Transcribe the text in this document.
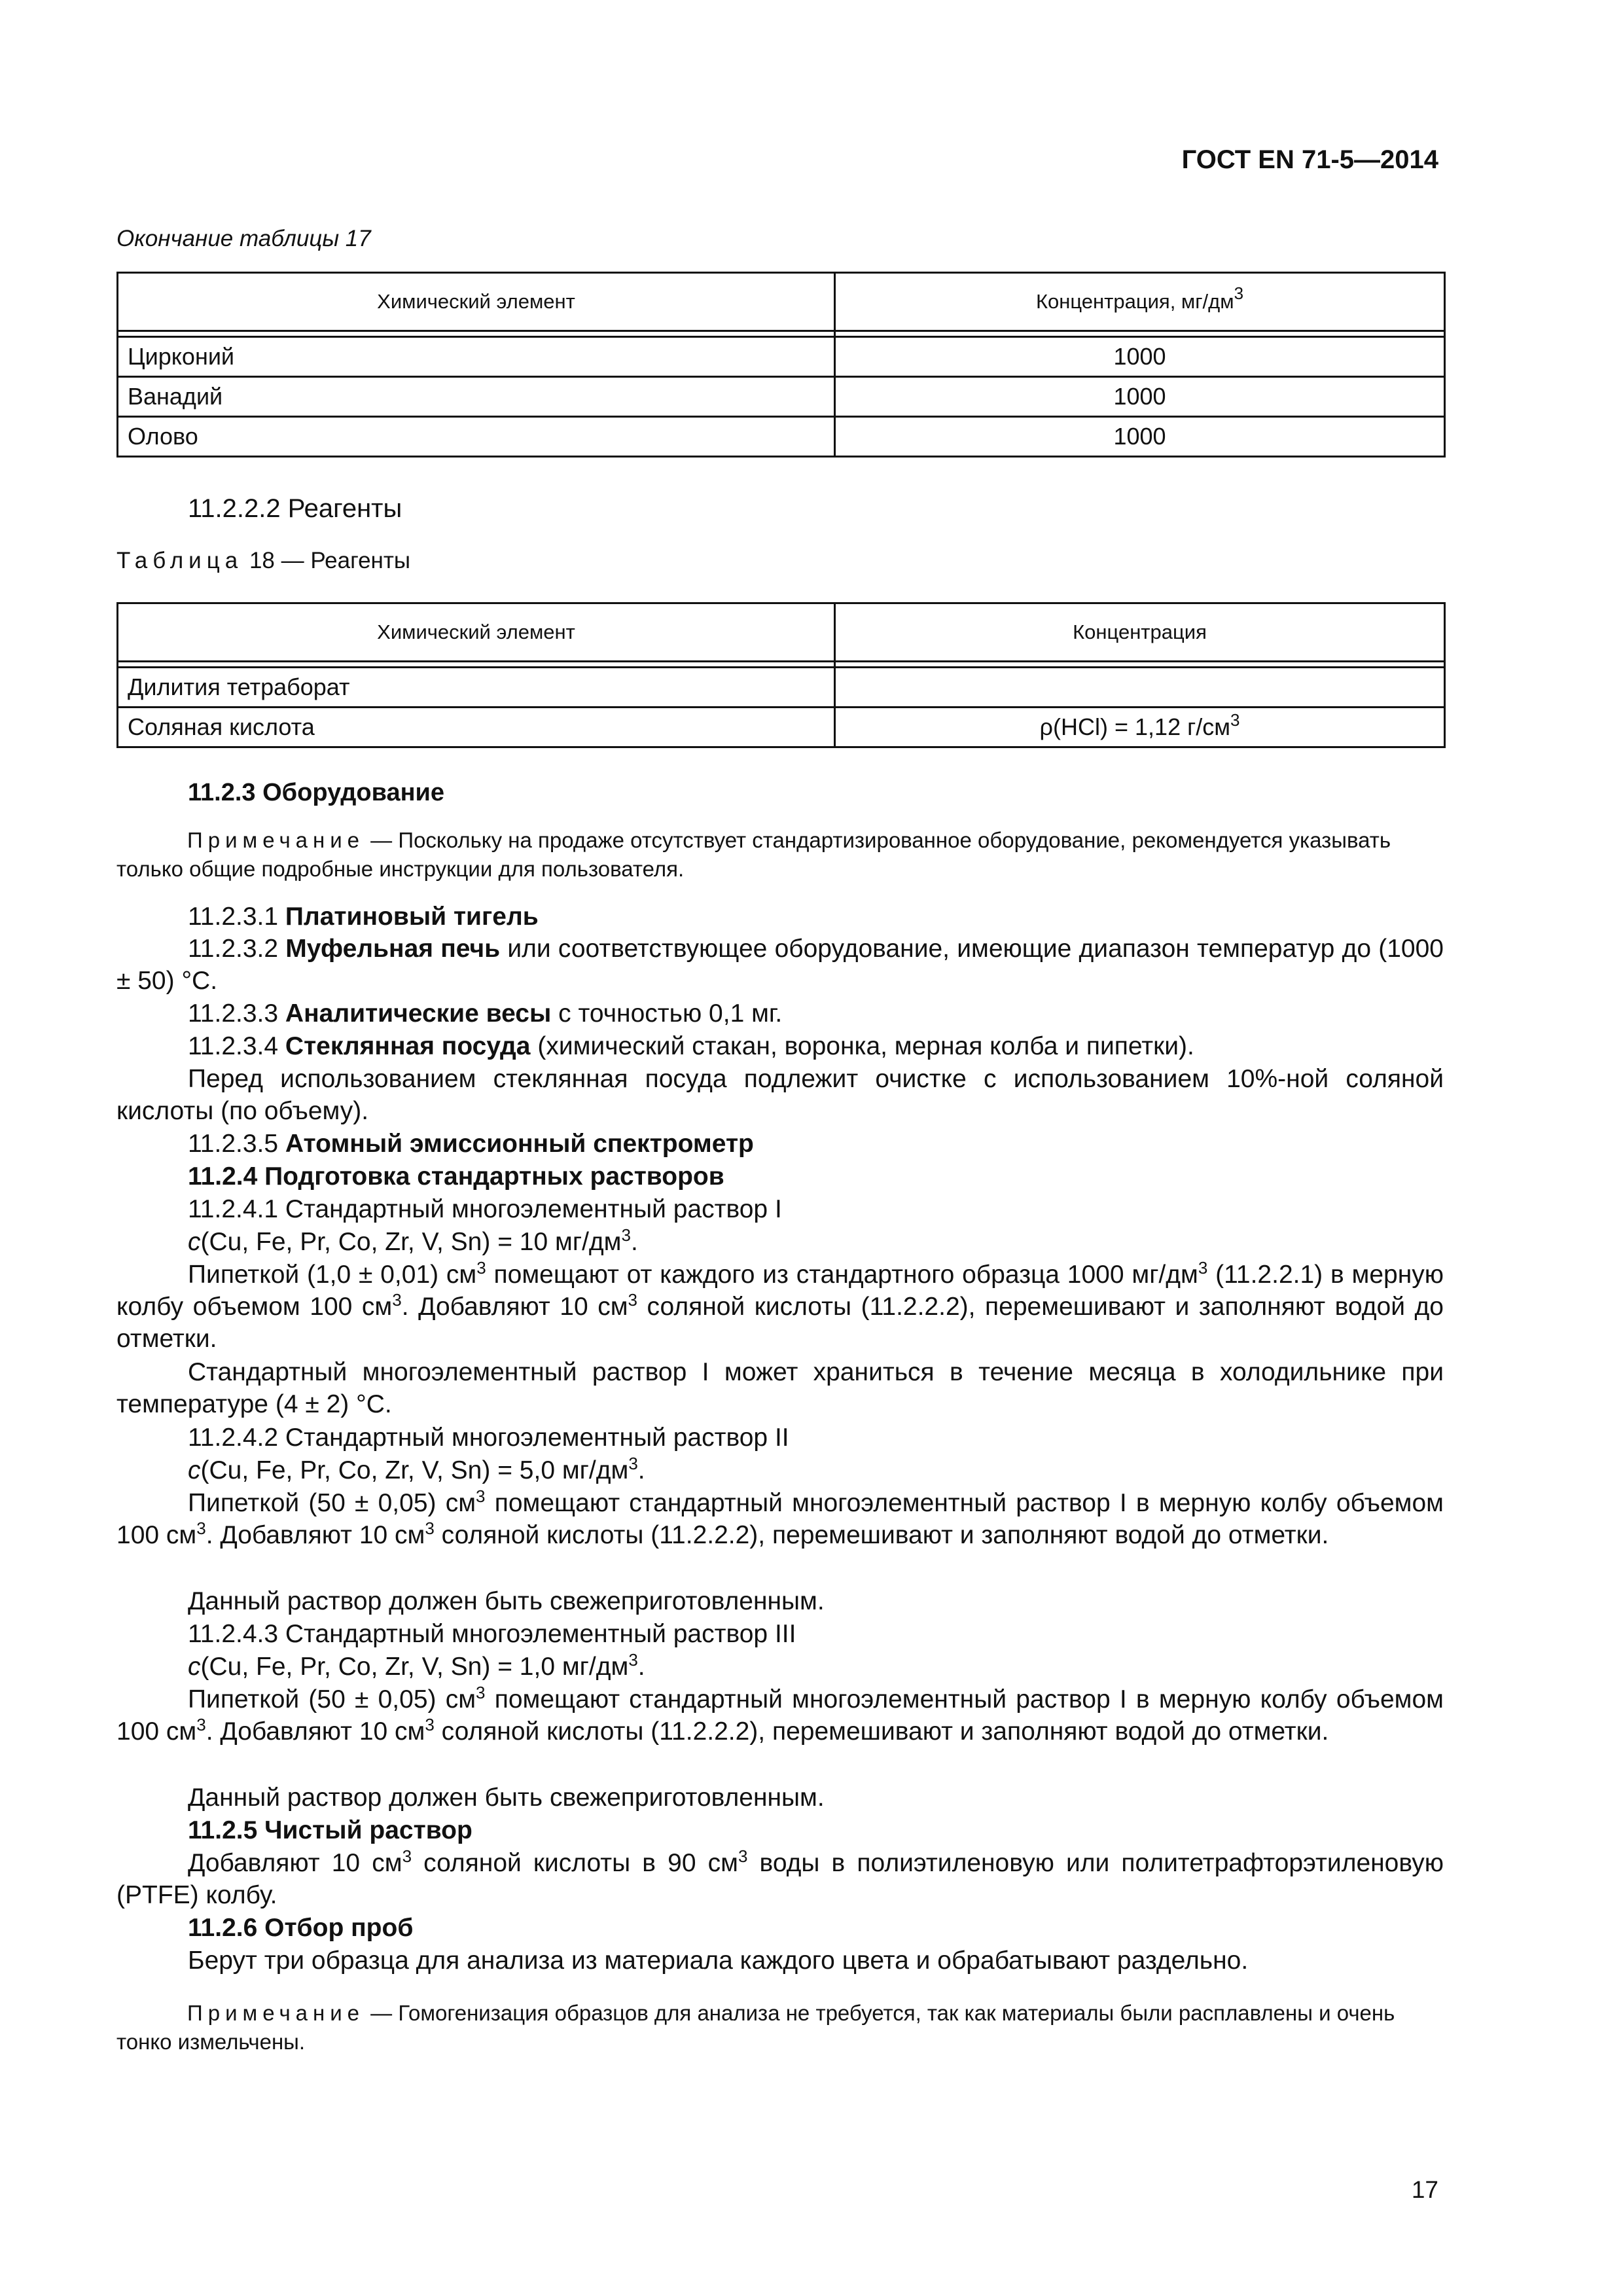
ГОСТ EN 71-5—2014
Окончание таблицы 17
Химический элемент	Концентрация, $мг/дм^3$

Цирконий	1000
Ванадий	1000
Олово	1000
11.2.2.2 Реагенты
Таблица 18 — Реагенты
Химический элемент	Концентрация

Дилития тетраборат	
Соляная кислота	ρ(HCl) = 1,12 $г/см^3$
11.2.3 Оборудование
Примечание — Поскольку на продаже отсутствует стандартизированное оборудование, рекомендуется указывать только общие подробные инструкции для пользователя.
11.2.3.1 Платиновый тигель
11.2.3.2 Муфельная печь или соответствующее оборудование, имеющие диапазон температур до (1000 ± 50) °С.
11.2.3.3 Аналитические весы с точностью 0,1 мг.
11.2.3.4 Стеклянная посуда (химический стакан, воронка, мерная колба и пипетки).
Перед использованием стеклянная посуда подлежит очистке с использованием 10%-ной соляной кислоты (по объему).
11.2.3.5 Атомный эмиссионный спектрометр
11.2.4 Подготовка стандартных растворов
11.2.4.1 Стандартный многоэлементный раствор I
c(Cu, Fe, Pr, Co, Zr, V, Sn) = 10 $мг/дм^3$.
Пипеткой (1,0 ± 0,01) $см^3$ помещают от каждого из стандартного образца 1000 $мг/дм^3$ (11.2.2.1) в мерную колбу объемом 100 $см^3$. Добавляют 10 $см^3$ соляной кислоты (11.2.2.2), перемешивают и заполняют водой до отметки.
Стандартный многоэлементный раствор I может храниться в течение месяца в холодильнике при температуре (4 ± 2) °С.
11.2.4.2 Стандартный многоэлементный раствор II
c(Cu, Fe, Pr, Co, Zr, V, Sn) = 5,0 $мг/дм^3$.
Пипеткой (50 ± 0,05) $см^3$ помещают стандартный многоэлементный раствор I в мерную колбу объемом 100 $см^3$. Добавляют 10 $см^3$ соляной кислоты (11.2.2.2), перемешивают и заполняют водой до отметки.
Данный раствор должен быть свежеприготовленным.
11.2.4.3 Стандартный многоэлементный раствор III
c(Cu, Fe, Pr, Co, Zr, V, Sn) = 1,0 $мг/дм^3$.
Пипеткой (50 ± 0,05) $см^3$ помещают стандартный многоэлементный раствор I в мерную колбу объемом 100 $см^3$. Добавляют 10 $см^3$ соляной кислоты (11.2.2.2), перемешивают и заполняют водой до отметки.
Данный раствор должен быть свежеприготовленным.
11.2.5 Чистый раствор
Добавляют 10 $см^3$ соляной кислоты в 90 $см^3$ воды в полиэтиленовую или политетрафторэтиленовую (PTFE) колбу.
11.2.6 Отбор проб
Берут три образца для анализа из материала каждого цвета и обрабатывают раздельно.
Примечание — Гомогенизация образцов для анализа не требуется, так как материалы были расплавлены и очень тонко измельчены.
17
